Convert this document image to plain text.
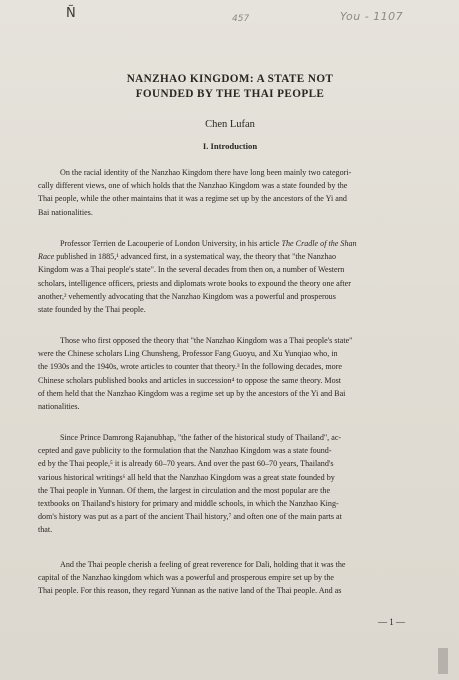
Ñ	457	You - 1107
NANZHAO KINGDOM: A STATE NOT
FOUNDED BY THE THAI PEOPLE
Chen Lufan
I. Introduction
On the racial identity of the Nanzhao Kingdom there have long been mainly two categori-
cally different views, one of which holds that the Nanzhao Kingdom was a state founded by the
Thai people, while the other maintains that it was a regime set up by the ancestors of the Yi and
Bai nationalities.
Professor Terrien de Lacouperie of London University, in his article The Cradle of the Shan
Race published in 1885,¹ advanced first, in a systematical way, the theory that "the Nanzhao
Kingdom was a Thai people's state". In the several decades from then on, a number of Western
scholars, intelligence officers, priests and diplomats wrote books to expound the theory one after
another,² vehemently advocating that the Nanzhao Kingdom was a powerful and prosperous
state founded by the Thai people.
Those who first opposed the theory that "the Nanzhao Kingdom was a Thai people's state"
were the Chinese scholars Ling Chunsheng, Professor Fang Guoyu, and Xu Yunqiao who, in
the 1930s and the 1940s, wrote articles to counter that theory.³ In the following decades, more
Chinese scholars published books and articles in succession⁴ to oppose the same theory. Most
of them held that the Nanzhao Kingdom was a regime set up by the ancestors of the Yi and Bai
nationalities.
Since Prince Damrong Rajanubhap, "the father of the historical study of Thailand", ac-
cepted and gave publicity to the formulation that the Nanzhao Kingdom was a state found-
ed by the Thai people,⁵ it is already 60–70 years. And over the past 60–70 years, Thailand's
various historical writings⁶ all held that the Nanzhao Kingdom was a great state founded by
the Thai people in Yunnan. Of them, the largest in circulation and the most popular are the
textbooks on Thailand's history for primary and middle schools, in which the Nanzhao King-
dom's history was put as a part of the ancient Thail history,⁷ and often one of the main parts at
that.
And the Thai people cherish a feeling of great reverence for Dali, holding that it was the
capital of the Nanzhao kingdom which was a powerful and prosperous empire set up by the
Thai people. For this reason, they regard Yunnan as the native land of the Thai people. And as
— 1 —
